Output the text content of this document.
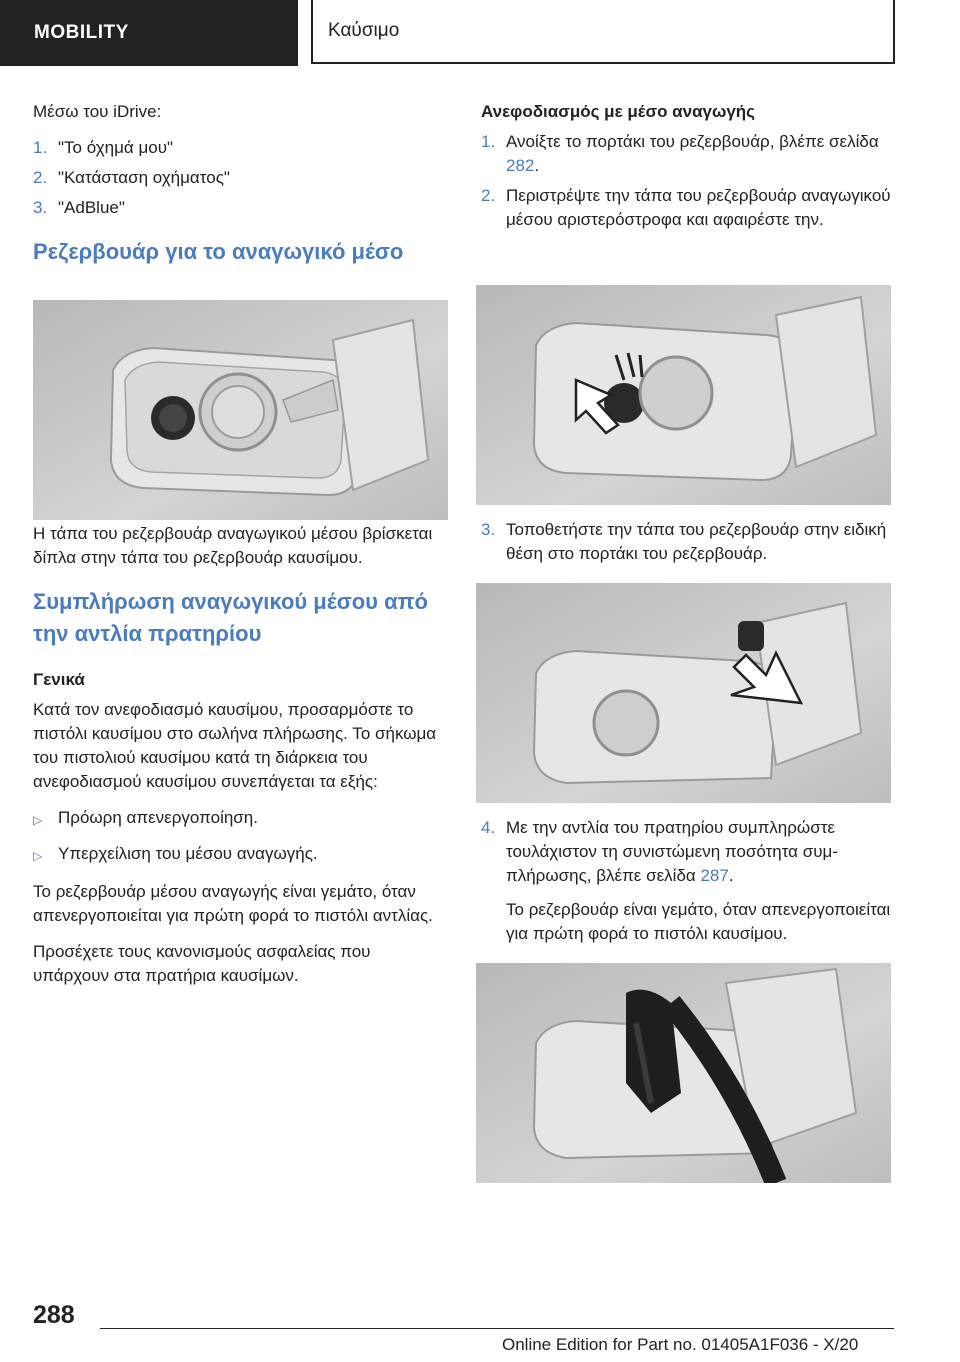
MOBILITY	Καύσιμο

Μέσω του iDrive:

1. "Το όχημά μου"
2. "Κατάσταση οχήματος"
3. "AdBlue"
Ρεζερβουάρ για το αναγωγικό μέσο

Η τάπα του ρεζερβουάρ αναγωγικού μέσου βρίσκεται δίπλα στην τάπα του ρεζερβουάρ καυσίμου.

Συμπλήρωση αναγωγικού μέσου από την αντλία πρατηρίου
Γενικά

Κατά τον ανεφοδιασμό καυσίμου, προσαρμόστε το πιστόλι καυσίμου στο σωλήνα πλήρωσης. Το σήκωμα του πιστολιού καυσίμου κατά τη διάρκεια του ανεφοδιασμού καυσίμου συνεπάγεται τα εξής:

▷ Πρόωρη απενεργοποίηση.
▷ Υπερχείλιση του μέσου αναγωγής.

Το ρεζερβουάρ μέσου αναγωγής είναι γεμάτο, όταν απενεργοποιείται για πρώτη φορά το πιστόλι αντλίας.

Προσέχετε τους κανονισμούς ασφαλείας που υπάρχουν στα πρατήρια καυσίμων.

Ανεφοδιασμός με μέσο αναγωγής
1. Ανοίξτε το πορτάκι του ρεζερβουάρ, βλέπε σελίδα 282.
2. Περιστρέψτε την τάπα του ρεζερβουάρ αναγωγικού μέσου αριστερόστροφα και αφαιρέστε την.
3. Τοποθετήστε την τάπα του ρεζερβουάρ στην ειδική θέση στο πορτάκι του ρεζερβουάρ.
4. Με την αντλία του πρατηρίου συμπληρώστε τουλάχιστον τη συνιστώμενη ποσότητα συμπλήρωσης, βλέπε σελίδα 287.

Το ρεζερβουάρ είναι γεμάτο, όταν απενεργοποιείται για πρώτη φορά το πιστόλι καυσίμου.

288
Online Edition for Part no. 01405A1F036 - X/20
